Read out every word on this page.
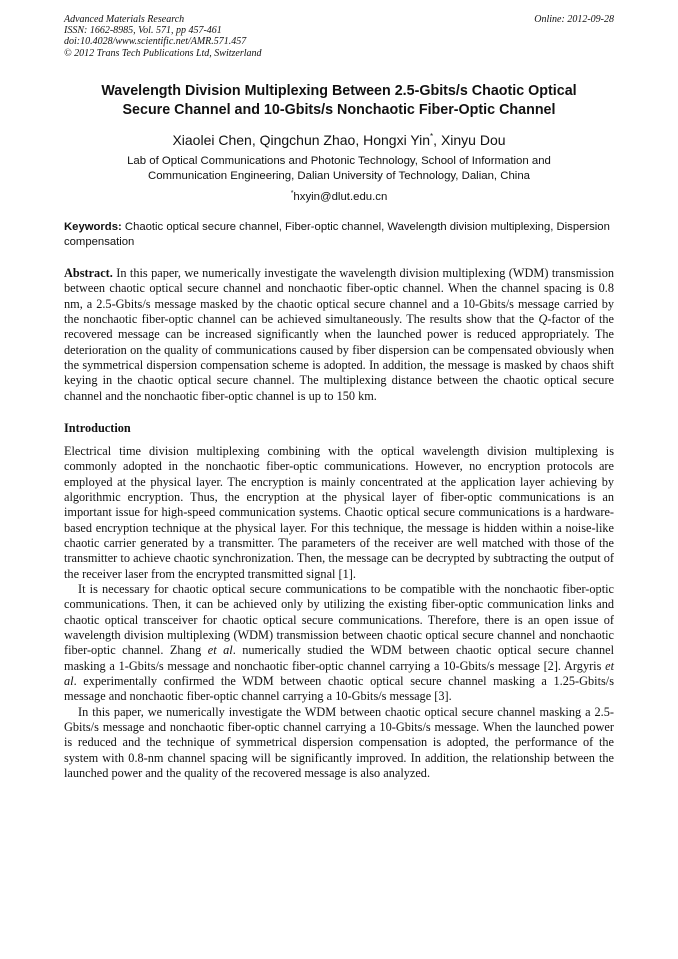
Advanced Materials Research
ISSN: 1662-8985, Vol. 571, pp 457-461
doi:10.4028/www.scientific.net/AMR.571.457
© 2012 Trans Tech Publications Ltd, Switzerland
Online: 2012-09-28
Wavelength Division Multiplexing Between 2.5-Gbits/s Chaotic Optical
Secure Channel and 10-Gbits/s Nonchaotic Fiber-Optic Channel
Xiaolei Chen, Qingchun Zhao, Hongxi Yin*, Xinyu Dou
Lab of Optical Communications and Photonic Technology, School of Information and
Communication Engineering, Dalian University of Technology, Dalian, China
*hxyin@dlut.edu.cn
Keywords: Chaotic optical secure channel, Fiber-optic channel, Wavelength division multiplexing, Dispersion compensation

Abstract. In this paper, we numerically investigate the wavelength division multiplexing (WDM) transmission between chaotic optical secure channel and nonchaotic fiber-optic channel. When the channel spacing is 0.8 nm, a 2.5-Gbits/s message masked by the chaotic optical secure channel and a 10-Gbits/s message carried by the nonchaotic fiber-optic channel can be achieved simultaneously. The results show that the Q-factor of the recovered message can be increased significantly when the launched power is reduced appropriately. The deterioration on the quality of communications caused by fiber dispersion can be compensated obviously when the symmetrical dispersion compensation scheme is adopted. In addition, the message is masked by chaos shift keying in the chaotic optical secure channel. The multiplexing distance between the chaotic optical secure channel and the nonchaotic fiber-optic channel is up to 150 km.

Introduction

Electrical time division multiplexing combining with the optical wavelength division multiplexing is commonly adopted in the nonchaotic fiber-optic communications. However, no encryption protocols are employed at the physical layer. The encryption is mainly concentrated at the application layer achieving by algorithmic encryption. Thus, the encryption at the physical layer of fiber-optic communications is an important issue for high-speed communication systems. Chaotic optical secure communications is a hardware-based encryption technique at the physical layer. For this technique, the message is hidden within a noise-like chaotic carrier generated by a transmitter. The parameters of the receiver are well matched with those of the transmitter to achieve chaotic synchronization. Then, the message can be decrypted by subtracting the output of the receiver laser from the encrypted transmitted signal [1].

It is necessary for chaotic optical secure communications to be compatible with the nonchaotic fiber-optic communications. Then, it can be achieved only by utilizing the existing fiber-optic communication links and chaotic optical transceiver for chaotic optical secure communications. Therefore, there is an open issue of wavelength division multiplexing (WDM) transmission between chaotic optical secure channel and nonchaotic fiber-optic channel. Zhang et al. numerically studied the WDM between chaotic optical secure channel masking a 1-Gbits/s message and nonchaotic fiber-optic channel carrying a 10-Gbits/s message [2]. Argyris et al. experimentally confirmed the WDM between chaotic optical secure channel masking a 1.25-Gbits/s message and nonchaotic fiber-optic channel carrying a 10-Gbits/s message [3].

In this paper, we numerically investigate the WDM between chaotic optical secure channel masking a 2.5-Gbits/s message and nonchaotic fiber-optic channel carrying a 10-Gbits/s message. When the launched power is reduced and the technique of symmetrical dispersion compensation is adopted, the performance of the system with 0.8-nm channel spacing will be significantly improved. In addition, the relationship between the launched power and the quality of the recovered message is also analyzed.
